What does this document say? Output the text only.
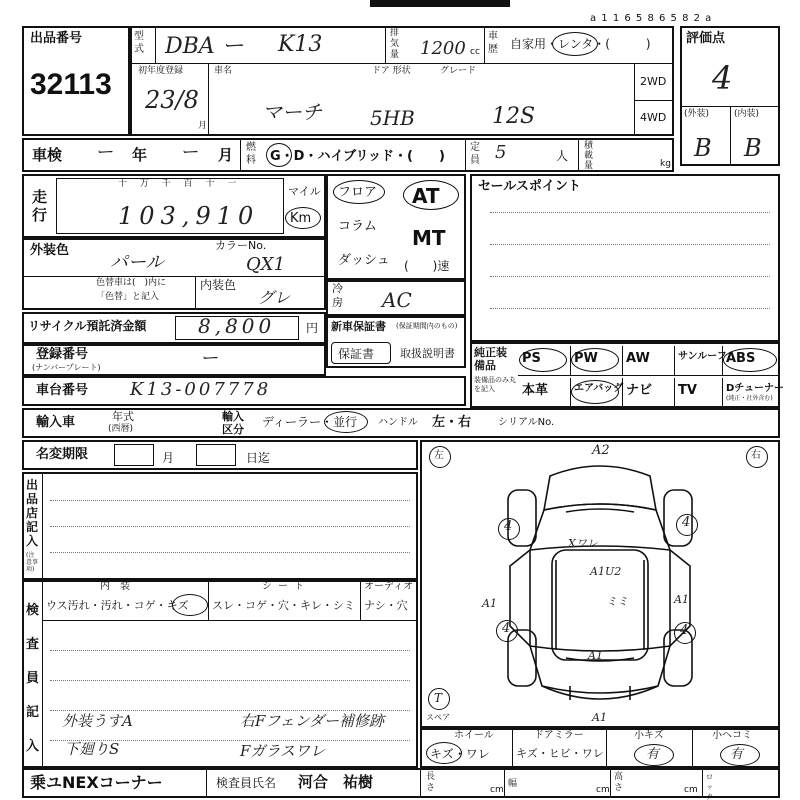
a 1 1 6 5 8 6 5 8 2 a
出品番号
32113
型式 DBA ー K13	排気量 1200 cc
車歴 自家用・レンタ・(　　　)
初年度登録
23/8
月
車名
マーチ
ドア 形状
5HB
グレード
12S
2WD
4WD
評価点
4
(外装)	(内装)
B B
車検 ー 年 ー 月 燃料 G・D・ハイブリッド・(　　)
定員 5	人
積載量	kg
走行
十 万 千 百 十 一
103,910
マイル
Km
フロア
コラム
ダッシュ
AT
MT
(　　)速
外装色
パール
カラーNo.
QX1
色替車は(　)内に
「色替」と記入
内装色
グレ	冷房 AC
リサイクル預託済金額	8,800	円 新車保証書 (保証期間内のもの)
保証書 取扱説明書
登録番号
(ナンバープレート)	ー
車台番号 K13-007778
セールスポイント
純正装備品
装備品のみ丸を記入
PS	PW AW	サンルーフ ABS
本革	エアバッグ ナビ TV	Dチューナー
(純正・社外含む)
輸入車	年式
(西暦)
輸入区分
ディーラー・並行 ハンドル 左・右	シリアルNo.
名変期限	月	日迄
出品店記入
(注意事項)
検査員記入
内装
ウス汚れ・汚れ・コゲ・キズ
シート
スレ・コゲ・穴・キレ・シミ
オーディオ
ナシ・穴
外装うすA
下廻りS
右Fフェンダー補修跡
Fガラスワレ
左	右
T
スペア
A2
4	4
4	4
Xワレ
A1U2
A1	A1
ミミ
A1
A1
ホイール
キズ・ワレ
ドアミラー
キズ・ヒビ・ワレ
小キズ
有
小ヘコミ
有
乗ユNEXコーナー	検査員氏名 河合　祐樹	長さ	cm
幅
cm
高さ	cm
ロック
